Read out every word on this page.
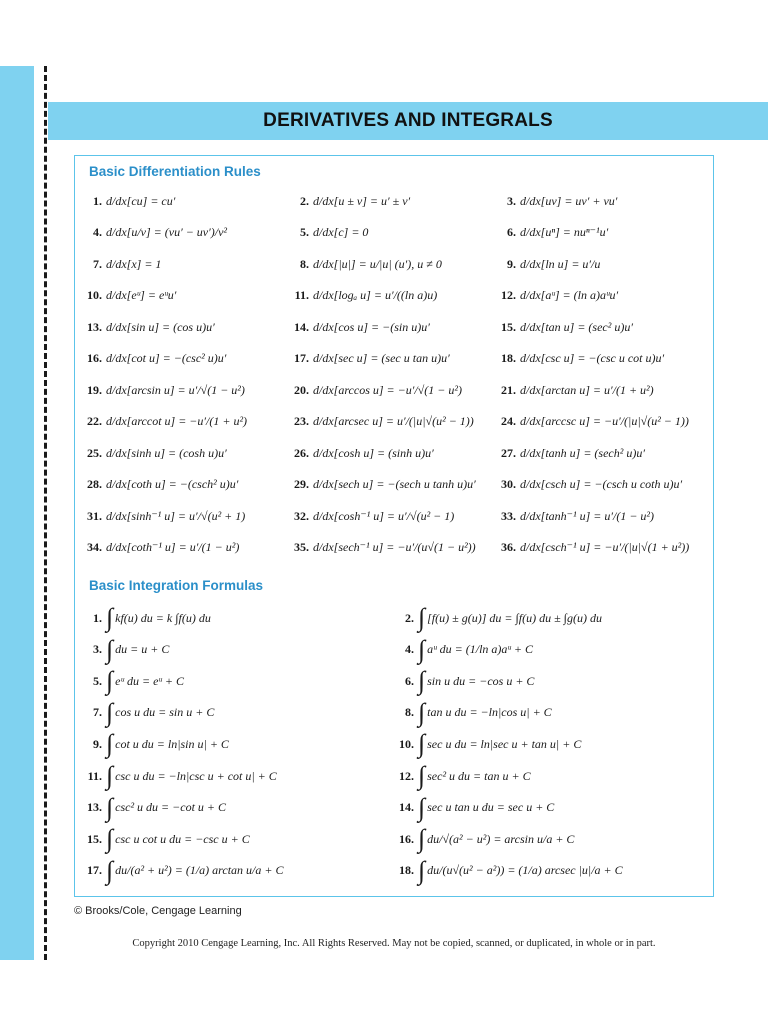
Tear out Formula Cards for Homework Success.
DERIVATIVES AND INTEGRALS
Basic Differentiation Rules
1. d/dx[cu] = cu′	2. d/dx[u ± v] = u′ ± v′	3. d/dx[uv] = uv′ + vu′
4. d/dx[u/v] = (vu′ − uv′)/v²	5. d/dx[c] = 0	6. d/dx[uⁿ] = nuⁿ⁻¹u′
7. d/dx[x] = 1	8. d/dx[|u|] = u/|u| (u′), u ≠ 0	9. d/dx[ln u] = u′/u
10. d/dx[eᵘ] = eᵘu′	11. d/dx[logₐ u] = u′/((ln a)u)	12. d/dx[aᵘ] = (ln a)aᵘu′
13. d/dx[sin u] = (cos u)u′	14. d/dx[cos u] = −(sin u)u′	15. d/dx[tan u] = (sec² u)u′
16. d/dx[cot u] = −(csc² u)u′	17. d/dx[sec u] = (sec u tan u)u′	18. d/dx[csc u] = −(csc u cot u)u′
19. d/dx[arcsin u] = u′/√(1 − u²)	20. d/dx[arccos u] = −u′/√(1 − u²)	21. d/dx[arctan u] = u′/(1 + u²)
22. d/dx[arccot u] = −u′/(1 + u²)	23. d/dx[arcsec u] = u′/(|u|√(u² − 1))	24. d/dx[arccsc u] = −u′/(|u|√(u² − 1))
25. d/dx[sinh u] = (cosh u)u′	26. d/dx[cosh u] = (sinh u)u′	27. d/dx[tanh u] = (sech² u)u′
28. d/dx[coth u] = −(csch² u)u′	29. d/dx[sech u] = −(sech u tanh u)u′	30. d/dx[csch u] = −(csch u coth u)u′
31. d/dx[sinh⁻¹ u] = u′/√(u² + 1)	32. d/dx[cosh⁻¹ u] = u′/√(u² − 1)	33. d/dx[tanh⁻¹ u] = u′/(1 − u²)
34. d/dx[coth⁻¹ u] = u′/(1 − u²)	35. d/dx[sech⁻¹ u] = −u′/(u√(1 − u²))	36. d/dx[csch⁻¹ u] = −u′/(|u|√(1 + u²))
Basic Integration Formulas
1. ∫ kf(u) du = k ∫f(u) du	2. ∫ [f(u) ± g(u)] du = ∫f(u) du ± ∫g(u) du
3. ∫ du = u + C	4. ∫ aᵘ du = (1/ln a)aᵘ + C
5. ∫ eᵘ du = eᵘ + C	6. ∫ sin u du = −cos u + C
7. ∫ cos u du = sin u + C	8. ∫ tan u du = −ln|cos u| + C
9. ∫ cot u du = ln|sin u| + C	10. ∫ sec u du = ln|sec u + tan u| + C
11. ∫ csc u du = −ln|csc u + cot u| + C	12. ∫ sec² u du = tan u + C
13. ∫ csc² u du = −cot u + C	14. ∫ sec u tan u du = sec u + C
15. ∫ csc u cot u du = −csc u + C	16. ∫ du/√(a² − u²) = arcsin u/a + C
17. ∫ du/(a² + u²) = (1/a) arctan u/a + C	18. ∫ du/(u√(u² − a²)) = (1/a) arcsec |u|/a + C
© Brooks/Cole, Cengage Learning
Copyright 2010 Cengage Learning, Inc. All Rights Reserved. May not be copied, scanned, or duplicated, in whole or in part.
